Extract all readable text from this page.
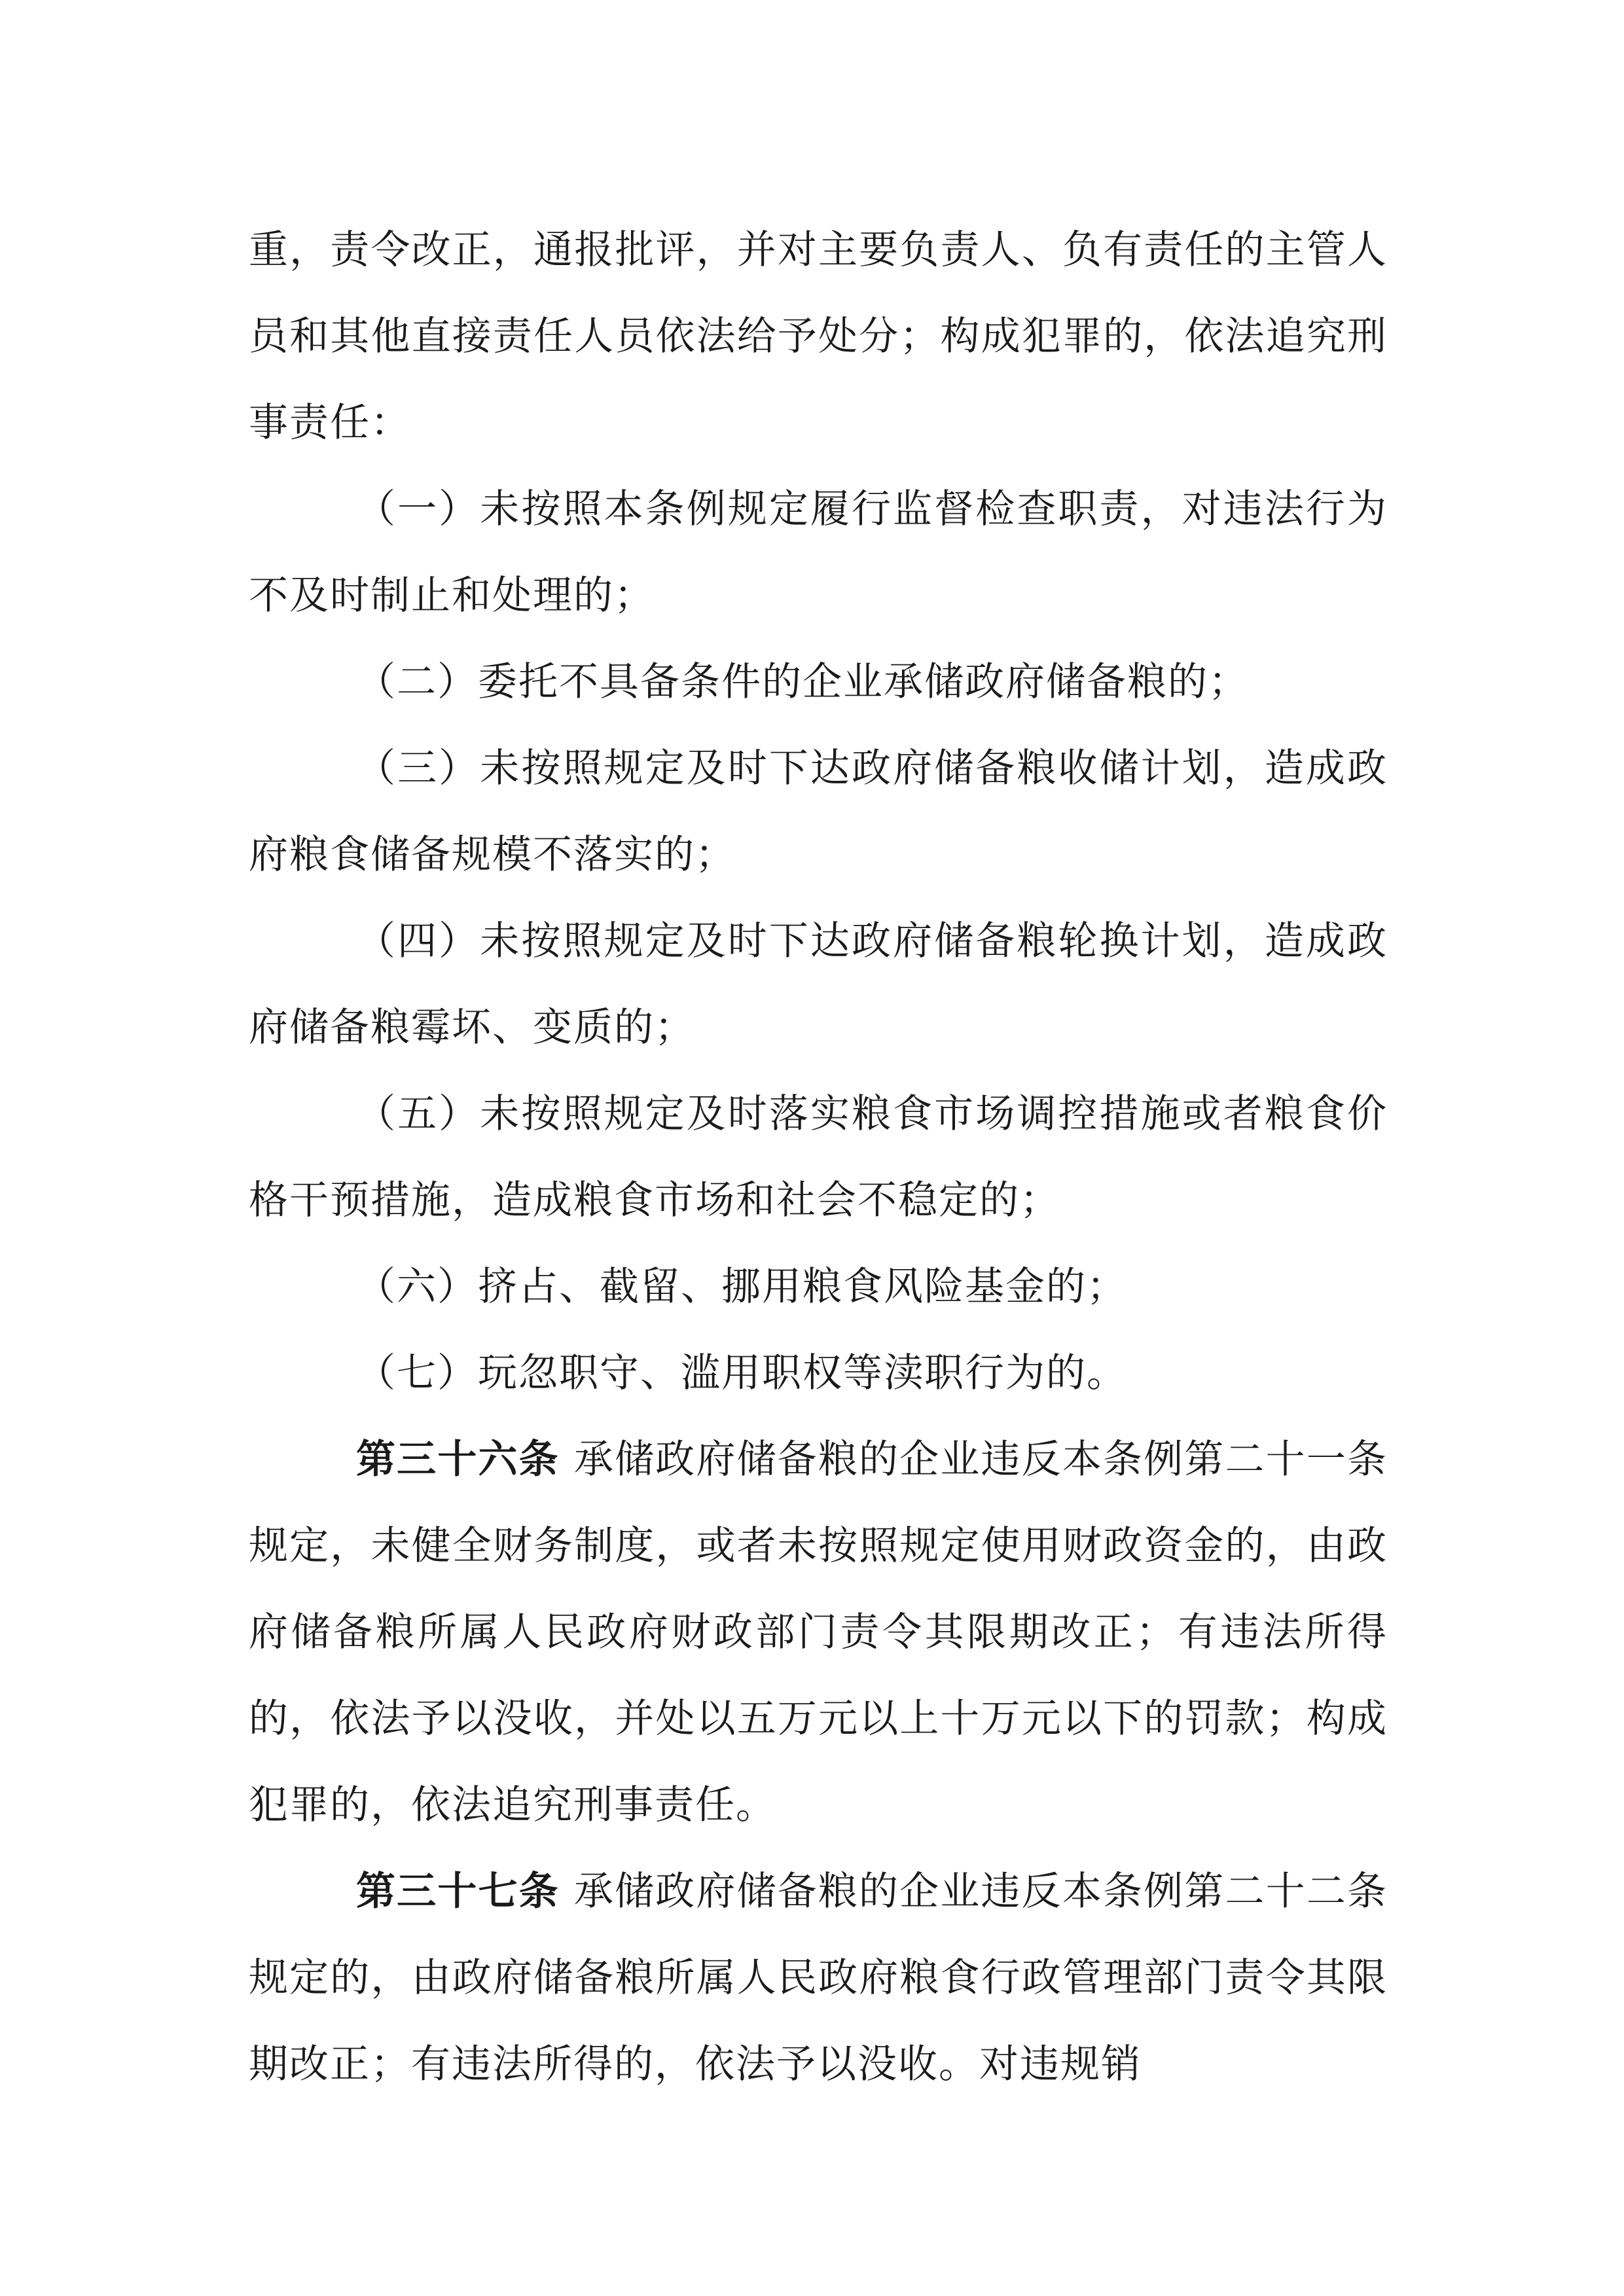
重，责令改正，通报批评，并对主要负责人、负有责任的主管人员和其他直接责任人员依法给予处分；构成犯罪的，依法追究刑事责任：

（一）未按照本条例规定履行监督检查职责，对违法行为不及时制止和处理的；

（二）委托不具备条件的企业承储政府储备粮的；

（三）未按照规定及时下达政府储备粮收储计划，造成政府粮食储备规模不落实的；

（四）未按照规定及时下达政府储备粮轮换计划，造成政府储备粮霉坏、变质的；

（五）未按照规定及时落实粮食市场调控措施或者粮食价格干预措施，造成粮食市场和社会不稳定的；

（六）挤占、截留、挪用粮食风险基金的；

（七）玩忽职守、滥用职权等渎职行为的。

第三十六条 承储政府储备粮的企业违反本条例第二十一条规定，未健全财务制度，或者未按照规定使用财政资金的，由政府储备粮所属人民政府财政部门责令其限期改正；有违法所得的，依法予以没收，并处以五万元以上十万元以下的罚款；构成犯罪的，依法追究刑事责任。

第三十七条 承储政府储备粮的企业违反本条例第二十二条规定的，由政府储备粮所属人民政府粮食行政管理部门责令其限期改正；有违法所得的，依法予以没收。对违规销
